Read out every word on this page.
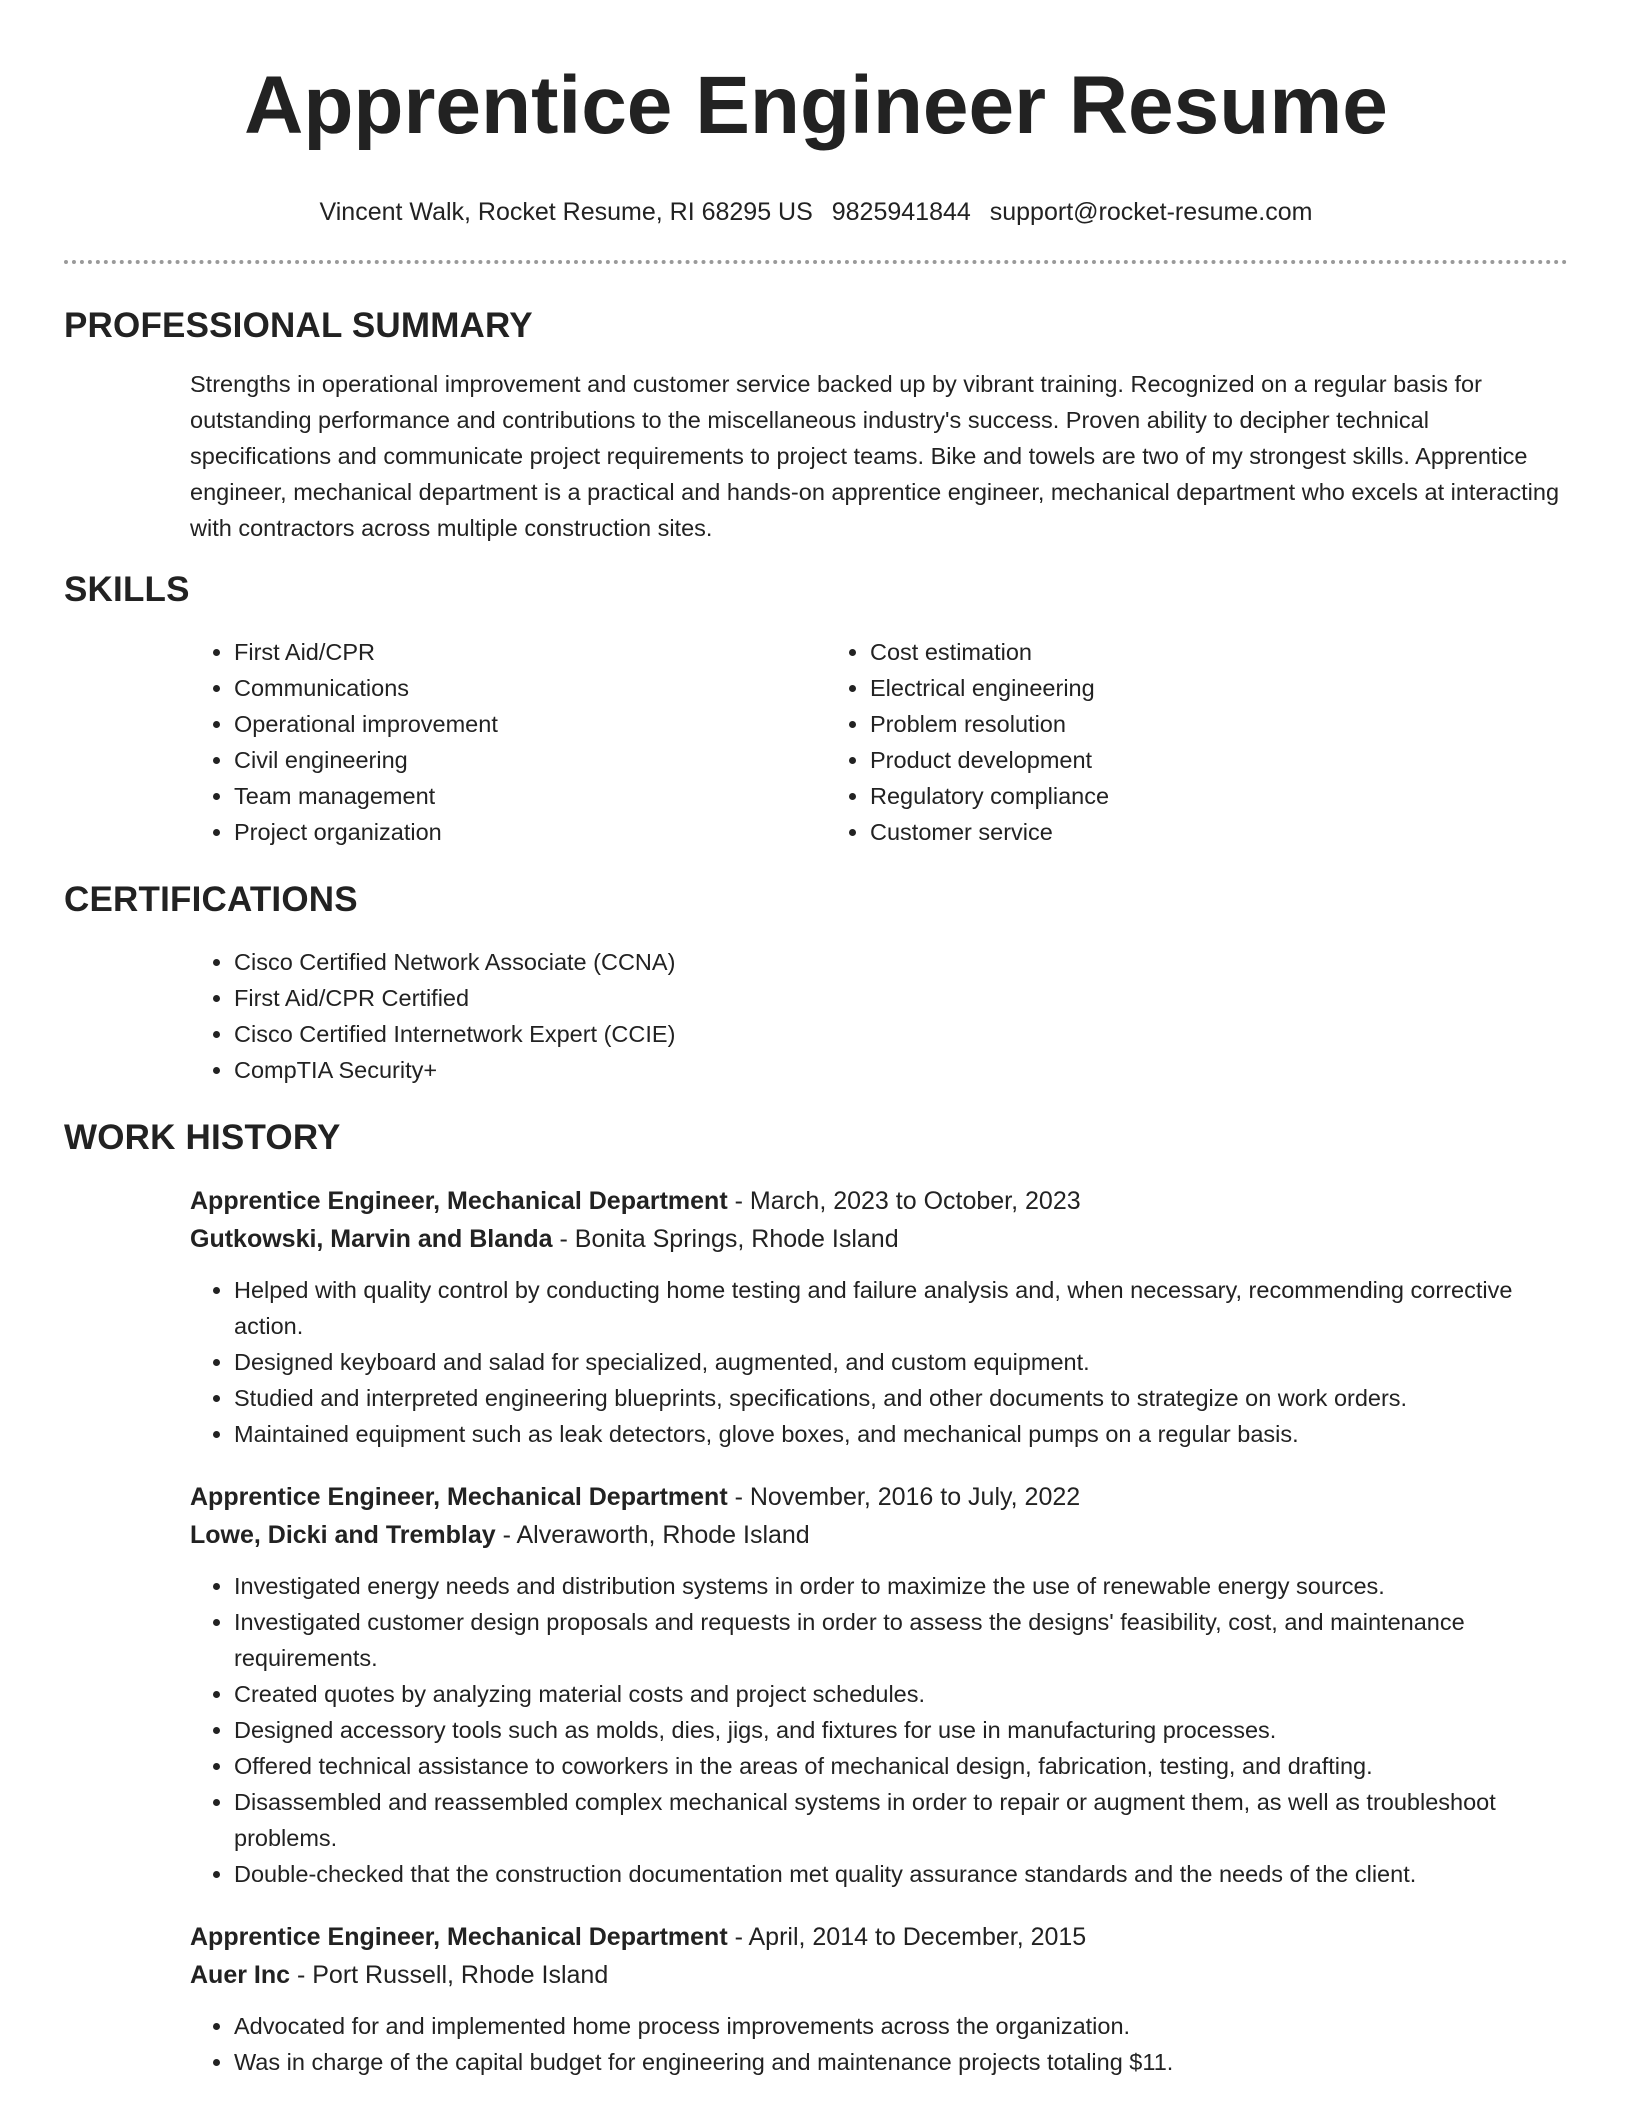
Apprentice Engineer Resume
Vincent Walk, Rocket Resume, RI 68295 US 9825941844 support@rocket-resume.com
PROFESSIONAL SUMMARY

Strengths in operational improvement and customer service backed up by vibrant training. Recognized on a regular basis for outstanding performance and contributions to the miscellaneous industry's success. Proven ability to decipher technical specifications and communicate project requirements to project teams. Bike and towels are two of my strongest skills. Apprentice engineer, mechanical department is a practical and hands-on apprentice engineer, mechanical department who excels at interacting with contractors across multiple construction sites.

SKILLS
• First Aid/CPR
• Communications
• Operational improvement
• Civil engineering
• Team management
• Project organization
• Cost estimation
• Electrical engineering
• Problem resolution
• Product development
• Regulatory compliance
• Customer service
CERTIFICATIONS
• Cisco Certified Network Associate (CCNA)
• First Aid/CPR Certified
• Cisco Certified Internetwork Expert (CCIE)
• CompTIA Security+
WORK HISTORY
Apprentice Engineer, Mechanical Department - March, 2023 to October, 2023
Gutkowski, Marvin and Blanda - Bonita Springs, Rhode Island
• Helped with quality control by conducting home testing and failure analysis and, when necessary, recommending corrective action.
• Designed keyboard and salad for specialized, augmented, and custom equipment.
• Studied and interpreted engineering blueprints, specifications, and other documents to strategize on work orders.
• Maintained equipment such as leak detectors, glove boxes, and mechanical pumps on a regular basis.
Apprentice Engineer, Mechanical Department - November, 2016 to July, 2022
Lowe, Dicki and Tremblay - Alveraworth, Rhode Island
• Investigated energy needs and distribution systems in order to maximize the use of renewable energy sources.
• Investigated customer design proposals and requests in order to assess the designs' feasibility, cost, and maintenance requirements.
• Created quotes by analyzing material costs and project schedules.
• Designed accessory tools such as molds, dies, jigs, and fixtures for use in manufacturing processes.
• Offered technical assistance to coworkers in the areas of mechanical design, fabrication, testing, and drafting.
• Disassembled and reassembled complex mechanical systems in order to repair or augment them, as well as troubleshoot problems.
• Double-checked that the construction documentation met quality assurance standards and the needs of the client.
Apprentice Engineer, Mechanical Department - April, 2014 to December, 2015
Auer Inc - Port Russell, Rhode Island
• Advocated for and implemented home process improvements across the organization.
• Was in charge of the capital budget for engineering and maintenance projects totaling $11.
